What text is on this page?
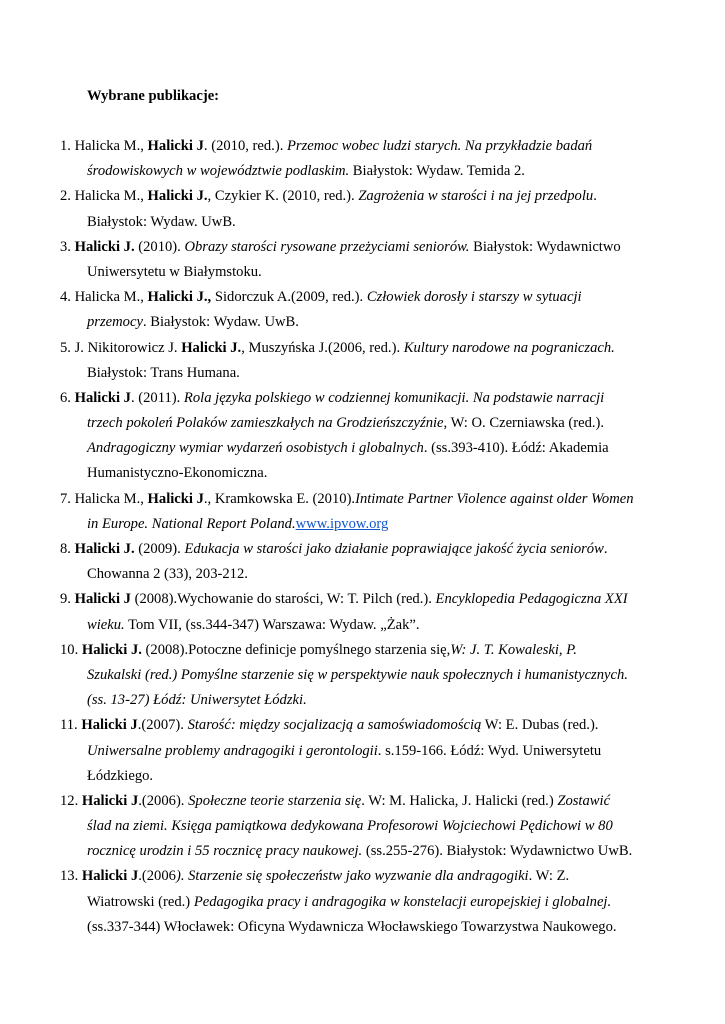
Wybrane publikacje:
1. Halicka M., Halicki J. (2010, red.). Przemoc wobec ludzi starych. Na przykładzie badań
środowiskowych w województwie podlaskim. Białystok: Wydaw. Temida 2.
2. Halicka M., Halicki J., Czykier K. (2010, red.). Zagrożenia w starości i na jej przedpolu.
Białystok: Wydaw. UwB.
3. Halicki J. (2010). Obrazy starości rysowane przeżyciami seniorów. Białystok: Wydawnictwo
Uniwersytetu w Białymstoku.
4. Halicka M., Halicki J., Sidorczuk A.(2009, red.). Człowiek dorosły i starszy w sytuacji
przemocy. Białystok: Wydaw. UwB.
5. J. Nikitorowicz J. Halicki J., Muszyńska J.(2006, red.). Kultury narodowe na pograniczach.
Białystok: Trans Humana.
6. Halicki J. (2011). Rola języka polskiego w codziennej komunikacji. Na podstawie narracji
trzech pokoleń Polaków zamieszkałych na Grodzieńszczyźnie, W: O. Czerniawska (red.).
Andragogiczny wymiar wydarzeń osobistych i globalnych. (ss.393-410). Łódź: Akademia
Humanistyczno-Ekonomiczna.
7. Halicka M., Halicki J., Kramkowska E. (2010).Intimate Partner Violence against older Women
in Europe. National Report Poland.www.ipvow.org
8. Halicki J. (2009). Edukacja w starości jako działanie poprawiające jakość życia seniorów.
Chowanna 2 (33), 203-212.
9. Halicki J (2008).Wychowanie do starości, W: T. Pilch (red.). Encyklopedia Pedagogiczna XXI
wieku. Tom VII, (ss.344-347) Warszawa: Wydaw. „Żak”.
10. Halicki J. (2008).Potoczne definicje pomyślnego starzenia się,W: J. T. Kowaleski, P.
Szukalski (red.) Pomyślne starzenie się w perspektywie nauk społecznych i humanistycznych.
(ss. 13-27) Łódź: Uniwersytet Łódzki.
11. Halicki J.(2007). Starość: między socjalizacją a samoświadomością W: E. Dubas (red.).
Uniwersalne problemy andragogiki i gerontologii. s.159-166. Łódź: Wyd. Uniwersytetu
Łódzkiego.
12. Halicki J.(2006). Społeczne teorie starzenia się. W: M. Halicka, J. Halicki (red.) Zostawić
ślad na ziemi. Księga pamiątkowa dedykowana Profesorowi Wojciechowi Pędichowi w 80
rocznicę urodzin i 55 rocznicę pracy naukowej. (ss.255-276). Białystok: Wydawnictwo UwB.
13. Halicki J.(2006). Starzenie się społeczeństw jako wyzwanie dla andragogiki. W: Z.
Wiatrowski (red.) Pedagogika pracy i andragogika w konstelacji europejskiej i globalnej.
(ss.337-344) Włocławek: Oficyna Wydawnicza Włocławskiego Towarzystwa Naukowego.
